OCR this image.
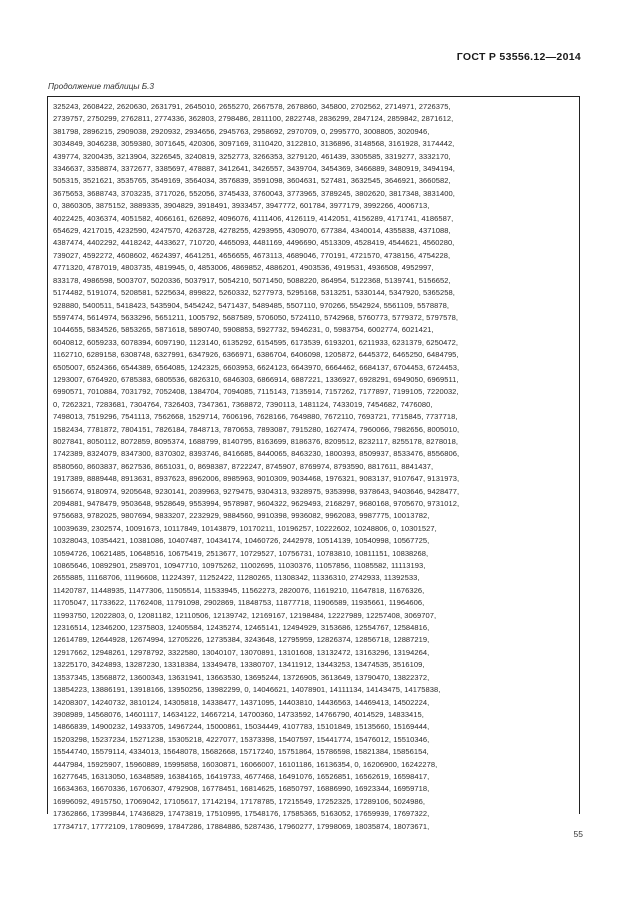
ГОСТ Р 53556.12—2014
Продолжение таблицы Б.3
325243, 2608422, 2620630, 2631791, 2645010, 2655270, 2667578, 2678860, 345800, 2702562, 2714971, 2726375,
2739757, 2750299, 2762811, 2774336, 362803, 2798486, 2811100, 2822748, 2836299, 2847124, 2859842, 2871612,
381798, 2896215, 2909038, 2920932, 2934656, 2945763, 2958692, 2970709, 0, 2995770, 3008805, 3020946,
3034849, 3046238, 3059380, 3071645, 420306, 3097169, 3110420, 3122810, 3136896, 3148568, 3161928, 3174442,
439774, 3200435, 3213904, 3226545, 3240819, 3252773, 3266353, 3279120, 461439, 3305585, 3319277, 3332170,
3346637, 3358874, 3372677, 3385697, 478887, 3412641, 3426557, 3439704, 3454369, 3466889, 3480919, 3494194,
505315, 3521621, 3535765, 3549169, 3564034, 3576839, 3591098, 3604631, 527481, 3632545, 3646921, 3660582,
3675653, 3688743, 3703235, 3717026, 552056, 3745433, 3760043, 3773965, 3789245, 3802620, 3817348, 3831400,
0, 3860305, 3875152, 3889335, 3904829, 3918491, 3933457, 3947772, 601784, 3977179, 3992266, 4006713,
4022425, 4036374, 4051582, 4066161, 626892, 4096076, 4111406, 4126119, 4142051, 4156289, 4171741, 4186587,
654629, 4217015, 4232590, 4247570, 4263728, 4278255, 4293955, 4309070, 677384, 4340014, 4355838, 4371088,
4387474, 4402292, 4418242, 4433627, 710720, 4465093, 4481169, 4496690, 4513309, 4528419, 4544621, 4560280,
739027, 4592272, 4608602, 4624397, 4641251, 4656655, 4673113, 4689046, 770191, 4721570, 4738156, 4754228,
4771320, 4787019, 4803735, 4819945, 0, 4853006, 4869852, 4886201, 4903536, 4919531, 4936508, 4952997,
833178, 4986598, 5003707, 5020336, 5037917, 5054210, 5071450, 5088220, 864954, 5122368, 5139741, 5156652,
5174482, 5191074, 5208581, 5225634, 899822, 5260332, 5277973, 5295168, 5313251, 5330144, 5347920, 5365258,
928880, 5400511, 5418423, 5435904, 5454242, 5471437, 5489485, 5507110, 970266, 5542924, 5561109, 5578878,
5597474, 5614974, 5633296, 5651211, 1005792, 5687589, 5706050, 5724110, 5742968, 5760773, 5779372, 5797578,
1044655, 5834526, 5853265, 5871618, 5890740, 5908853, 5927732, 5946231, 0, 5983754, 6002774, 6021421,
6040812, 6059233, 6078394, 6097190, 1123140, 6135292, 6154595, 6173539, 6193201, 6211933, 6231379, 6250472,
1162710, 6289158, 6308748, 6327991, 6347926, 6366971, 6386704, 6406098, 1205872, 6445372, 6465250, 6484795,
6505007, 6524366, 6544389, 6564085, 1242325, 6603953, 6624123, 6643970, 6664462, 6684137, 6704453, 6724453,
1293007, 6764920, 6785383, 6805536, 6826310, 6846303, 6866914, 6887221, 1336927, 6928291, 6949050, 6969511,
6990571, 7010884, 7031792, 7052408, 1384704, 7094085, 7115143, 7135914, 7157262, 7177897, 7199105, 7220032,
0, 7262321, 7283681, 7304764, 7326403, 7347361, 7368872, 7390113, 1481124, 7433019, 7454682, 7476080,
7498013, 7519296, 7541113, 7562668, 1529714, 7606196, 7628166, 7649880, 7672110, 7693721, 7715845, 7737718,
1582434, 7781872, 7804151, 7826184, 7848713, 7870653, 7893087, 7915280, 1627474, 7960066, 7982656, 8005010,
8027841, 8050112, 8072859, 8095374, 1688799, 8140795, 8163699, 8186376, 8209512, 8232117, 8255178, 8278018,
1742389, 8324079, 8347300, 8370302, 8393746, 8416685, 8440065, 8463230, 1800393, 8509937, 8533476, 8556806,
8580560, 8603837, 8627536, 8651031, 0, 8698387, 8722247, 8745907, 8769974, 8793590, 8817611, 8841437,
1917389, 8889448, 8913631, 8937623, 8962006, 8985963, 9010309, 9034468, 1976321, 9083137, 9107647, 9131973,
9156674, 9180974, 9205648, 9230141, 2039963, 9279475, 9304313, 9328975, 9353998, 9378643, 9403646, 9428477,
2094881, 9478479, 9503648, 9528649, 9553994, 9578987, 9604322, 9629493, 2168297, 9680168, 9705670, 9731012,
9756683, 9782025, 9807694, 9833207, 2232929, 9884560, 9910398, 9936082, 9962083, 9987775, 10013782,
10039639, 2302574, 10091673, 10117849, 10143879, 10170211, 10196257, 10222602, 10248806, 0, 10301527,
10328043, 10354421, 10381086, 10407487, 10434174, 10460726, 2442978, 10514139, 10540998, 10567725,
10594726, 10621485, 10648516, 10675419, 2513677, 10729527, 10756731, 10783810, 10811151, 10838268,
10865646, 10892901, 2589701, 10947710, 10975262, 11002695, 11030376, 11057856, 11085582, 11113193,
2655885, 11168706, 11196608, 11224397, 11252422, 11280265, 11308342, 11336310, 2742933, 11392533,
11420787, 11448935, 11477306, 11505514, 11533945, 11562273, 2820076, 11619210, 11647818, 11676326,
11705047, 11733622, 11762408, 11791098, 2902869, 11848753, 11877718, 11906589, 11935661, 11964606,
11993750, 12022803, 0, 12081182, 12110506, 12139742, 12169167, 12198484, 12227989, 12257408, 3069707,
12316514, 12346200, 12375803, 12405584, 12435274, 12465141, 12494929, 3153686, 12554767, 12584816,
12614789, 12644928, 12674994, 12705226, 12735384, 3243648, 12795959, 12826374, 12856718, 12887219,
12917662, 12948261, 12978792, 3322580, 13040107, 13070891, 13101608, 13132472, 13163296, 13194264,
13225170, 3424893, 13287230, 13318384, 13349478, 13380707, 13411912, 13443253, 13474535, 3516109,
13537345, 13568872, 13600343, 13631941, 13663530, 13695244, 13726905, 3613649, 13790470, 13822372,
13854223, 13886191, 13918166, 13950256, 13982299, 0, 14046621, 14078901, 14111134, 14143475, 14175838,
14208307, 14240732, 3810124, 14305818, 14338477, 14371095, 14403810, 14436563, 14469413, 14502224,
3908989, 14568076, 14601117, 14634122, 14667214, 14700360, 14733592, 14766790, 4014529, 14833415,
14866839, 14900232, 14933705, 14967244, 15000861, 15034449, 4107783, 15101849, 15135660, 15169444,
15203298, 15237234, 15271238, 15305218, 4227077, 15373398, 15407597, 15441774, 15476012, 15510346,
15544740, 15579114, 4334013, 15648078, 15682668, 15717240, 15751864, 15786598, 15821384, 15856154,
4447984, 15925907, 15960889, 15995858, 16030871, 16066007, 16101186, 16136354, 0, 16206900, 16242278,
16277645, 16313050, 16348589, 16384165, 16419733, 4677468, 16491076, 16526851, 16562619, 16598417,
16634363, 16670336, 16706307, 4792908, 16778451, 16814625, 16850797, 16886990, 16923344, 16959718,
16996092, 4915750, 17069042, 17105617, 17142194, 17178785, 17215549, 17252325, 17289106, 5024986,
17362866, 17399844, 17436829, 17473819, 17510995, 17548176, 17585365, 5163052, 17659939, 17697322,
17734717, 17772109, 17809699, 17847286, 17884886, 5287436, 17960277, 17998069, 18035874, 18073671,
55
